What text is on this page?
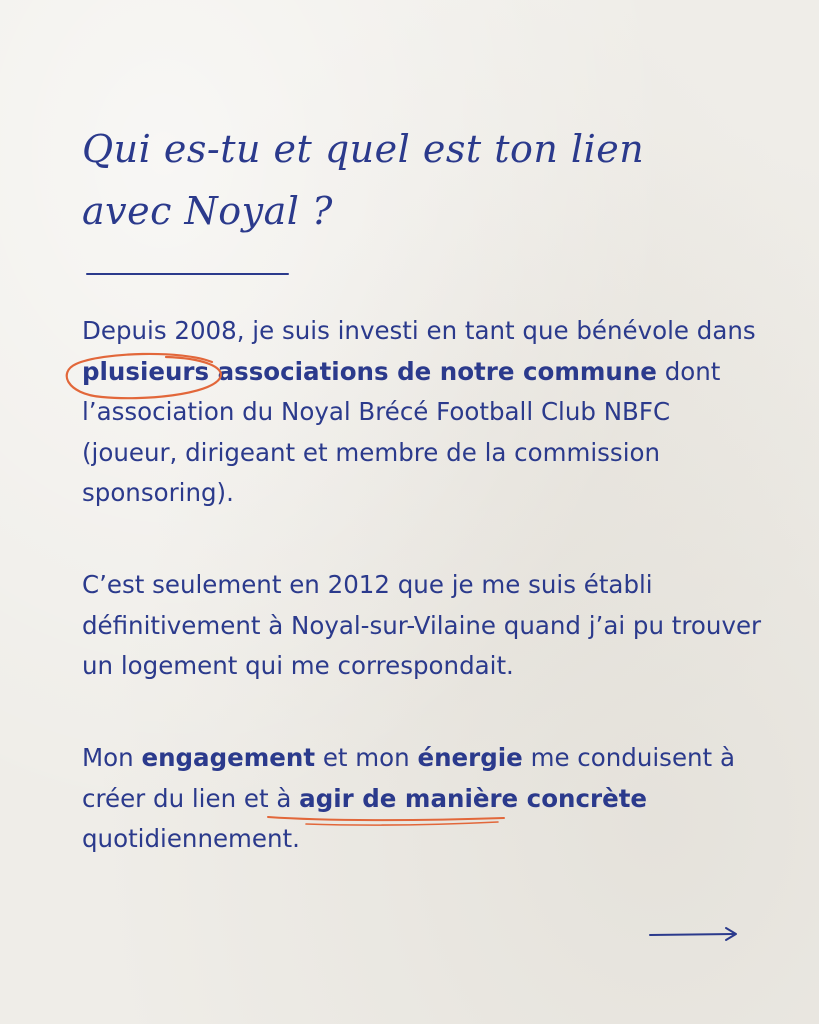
Qui es-tu et quel est ton lien
avec Noyal ?

Depuis 2008, je suis investi en tant que bénévole dans plusieurs associations de notre commune dont l’association du Noyal Brécé Football Club NBFC (joueur, dirigeant et membre de la commission sponsoring).

C’est seulement en 2012 que je me suis établi définitivement à Noyal-sur-Vilaine quand j’ai pu trouver un logement qui me correspondait.

Mon engagement et mon énergie me conduisent à créer du lien et à agir de manière concrète quotidiennement.
